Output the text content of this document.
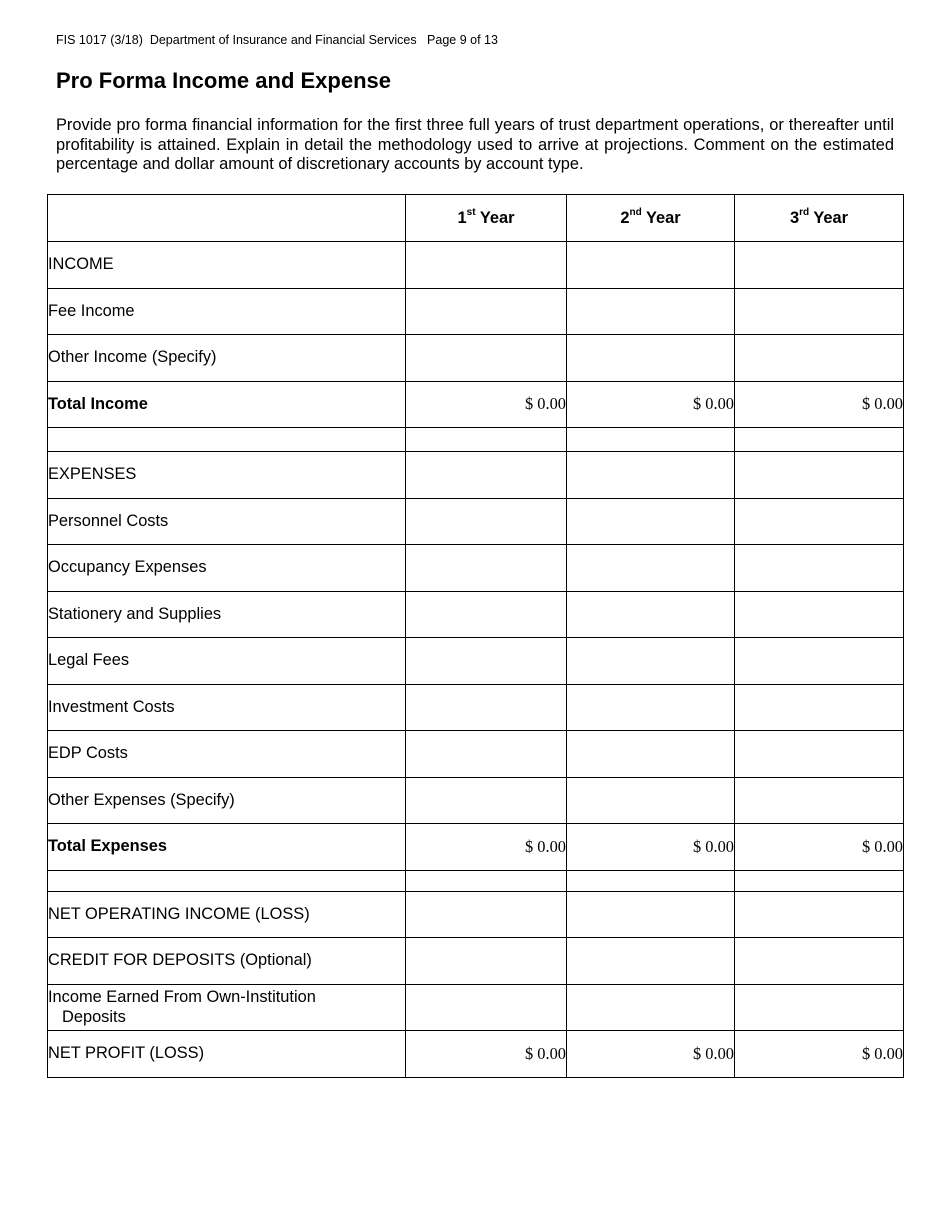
FIS 1017 (3/18) Department of Insurance and Financial Services Page 9 of 13
Pro Forma Income and Expense

Provide pro forma financial information for the first three full years of trust department operations, or thereafter until profitability is attained. Explain in detail the methodology used to arrive at projections. Comment on the estimated percentage and dollar amount of discretionary accounts by account type.

	1st Year	2nd Year	3rd Year
INCOME			
Fee Income			
Other Income (Specify)			
Total Income	$ 0.00	$ 0.00	$ 0.00

EXPENSES			
Personnel Costs			
Occupancy Expenses			
Stationery and Supplies			
Legal Fees			
Investment Costs			
EDP Costs			
Other Expenses (Specify)			
Total Expenses	$ 0.00	$ 0.00	$ 0.00

NET OPERATING INCOME (LOSS)			
CREDIT FOR DEPOSITS (Optional)			

Income Earned From Own-Institution
Deposits			

NET PROFIT (LOSS)	$ 0.00	$ 0.00	$ 0.00
